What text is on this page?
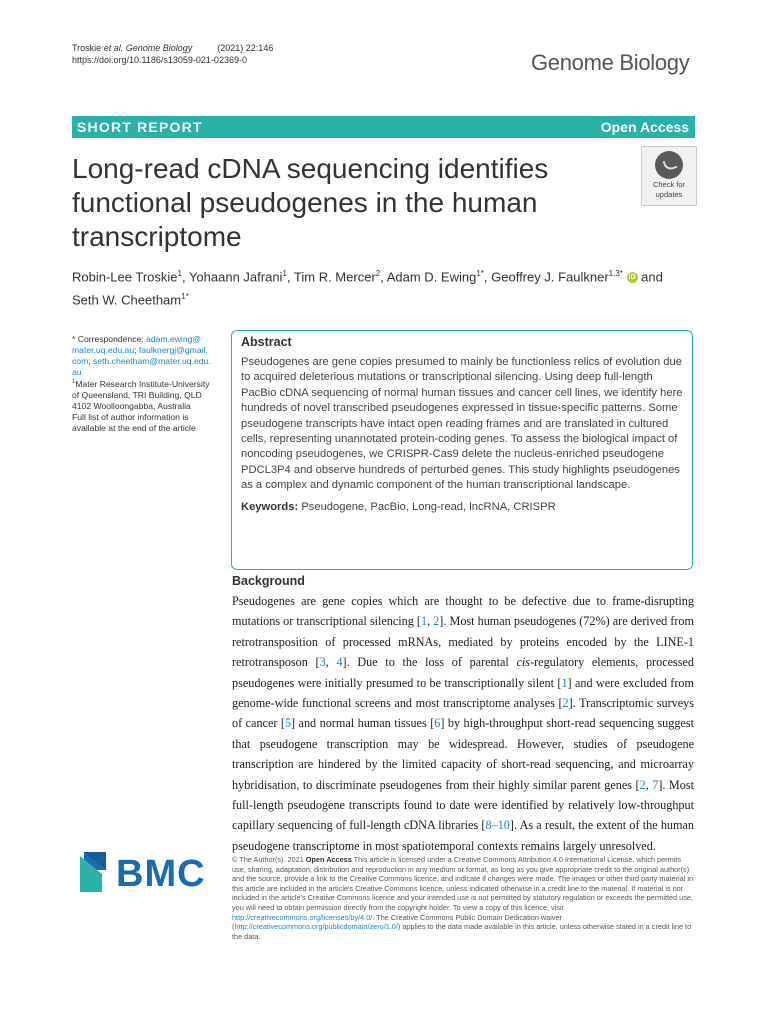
Troskie et al. Genome Biology	(2021) 22:146
https://doi.org/10.1186/s13059-021-02369-0	Genome Biology
SHORT REPORT	Open Access
Long-read cDNA sequencing identifies functional pseudogenes in the human transcriptome
Check for
updates
Robin-Lee Troskie$^1$, Yohaann Jafrani$^1$, Tim R. Mercer$^2$, Adam D. Ewing$^{1*}$, Geoffrey J. Faulkner$^{1,3*}$ iD and
Seth W. Cheetham$^{1*}$
* Correspondence: adam.ewing@
mater.uq.edu.au; faulknergj@gmail.
com; seth.cheetham@mater.uq.edu.
au
$^1$Mater Research Institute-University
of Queensland, TRI Building, QLD
4102 Woolloongabba, Australia
Full list of author information is
available at the end of the article
Abstract

Pseudogenes are gene copies presumed to mainly be functionless relics of evolution due to acquired deleterious mutations or transcriptional silencing. Using deep full-length PacBio cDNA sequencing of normal human tissues and cancer cell lines, we identify here hundreds of novel transcribed pseudogenes expressed in tissue-specific patterns. Some pseudogene transcripts have intact open reading frames and are translated in cultured cells, representing unannotated protein-coding genes. To assess the biological impact of noncoding pseudogenes, we CRISPR-Cas9 delete the nucleus-enriched pseudogene PDCL3P4 and observe hundreds of perturbed genes. This study highlights pseudogenes as a complex and dynamic component of the human transcriptional landscape.

Keywords: Pseudogene, PacBio, Long-read, lncRNA, CRISPR
Background
Pseudogenes are gene copies which are thought to be defective due to frame-disrupting mutations or transcriptional silencing [1, 2]. Most human pseudogenes (72%) are derived from retrotransposition of processed mRNAs, mediated by proteins encoded by the LINE-1 retrotransposon [3, 4]. Due to the loss of parental cis-regulatory elements, processed pseudogenes were initially presumed to be transcriptionally silent [1] and were excluded from genome-wide functional screens and most transcriptome analyses [2]. Transcriptomic surveys of cancer [5] and normal human tissues [6] by high-throughput short-read sequencing suggest that pseudogene transcription may be widespread. However, studies of pseudogene transcription are hindered by the limited capacity of short-read sequencing, and microarray hybridisation, to discriminate pseudogenes from their highly similar parent genes [2, 7]. Most full-length pseudogene transcripts found to date were identified by relatively low-throughput capillary sequencing of full-length cDNA libraries [8–10]. As a result, the extent of the human pseudogene transcriptome in most spatiotemporal contexts remains largely unresolved.
BMC	© The Author(s). 2021 Open Access This article is licensed under a Creative Commons Attribution 4.0 International License, which permits use, sharing, adaptation, distribution and reproduction in any medium or format, as long as you give appropriate credit to the original author(s) and the source, provide a link to the Creative Commons licence, and indicate if changes were made. The images or other third party material in this article are included in the article's Creative Commons licence, unless indicated otherwise in a credit line to the material. If material is not included in the article's Creative Commons licence and your intended use is not permitted by statutory regulation or exceeds the permitted use, you will need to obtain permission directly from the copyright holder. To view a copy of this licence, visit http://creativecommons.org/licenses/by/4.0/. The Creative Commons Public Domain Dedication waiver (http://creativecommons.org/publicdomain/zero/1.0/) applies to the data made available in this article, unless otherwise stated in a credit line to the data.
